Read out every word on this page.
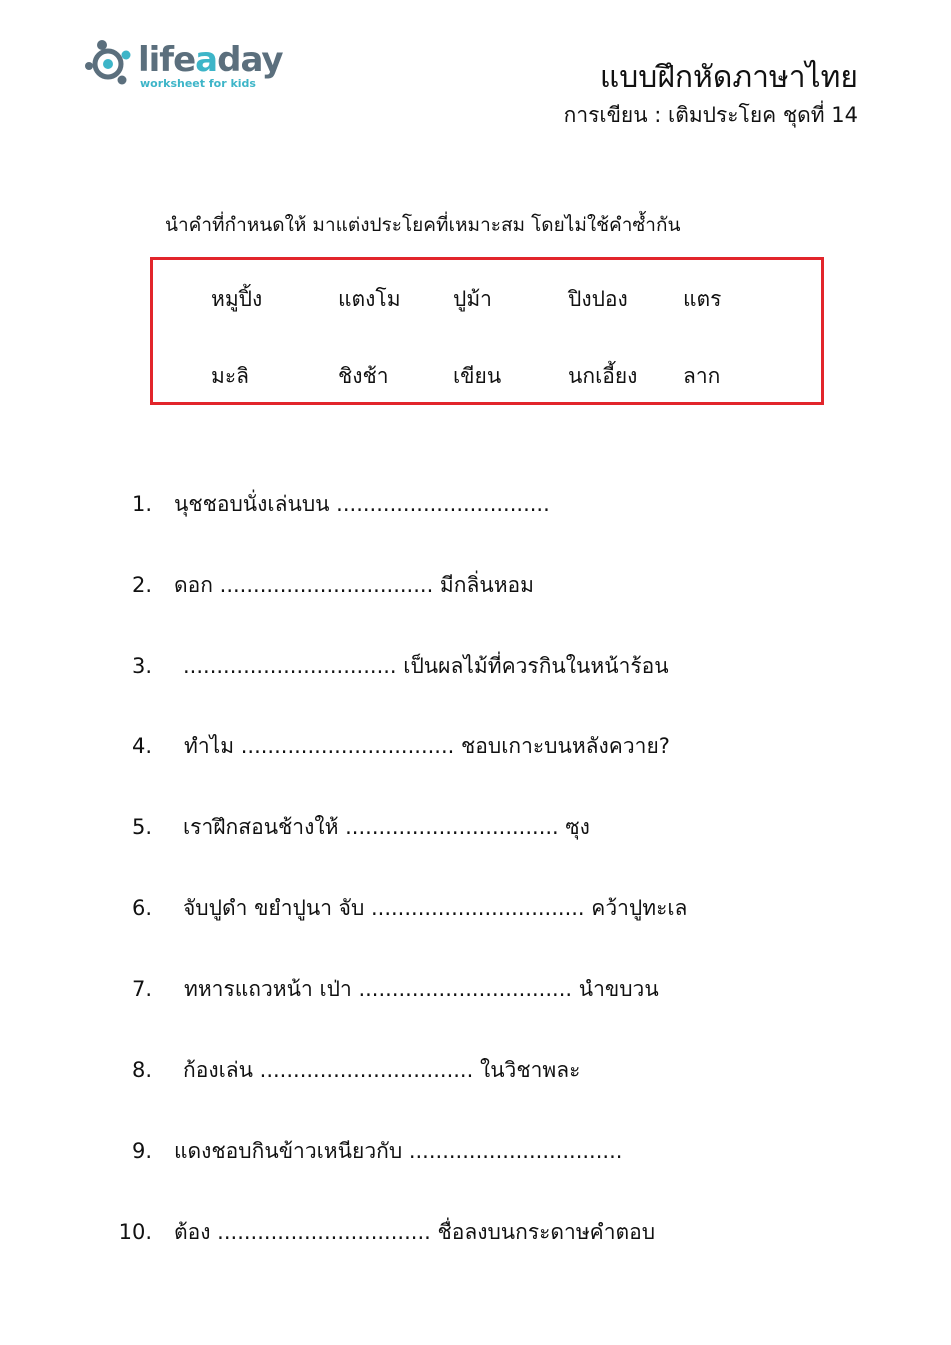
lifeaday
worksheet for kids	แบบฝึกหัดภาษาไทย
การเขียน : เติมประโยค ชุดที่ 14
นำคำที่กำหนดให้ มาแต่งประโยคที่เหมาะสม โดยไม่ใช้คำซ้ำกัน
หมูปิ้ง	แตงโม ปูม้า	ปิงปอง	แตร
มะลิ	ชิงช้า	เขียน	นกเอี้ยง ลาก
1. นุชชอบนั่งเล่นบน ................................
2. ดอก ................................ มีกลิ่นหอม
3. ................................ เป็นผลไม้ที่ควรกินในหน้าร้อน
4. ทำไม ................................ ชอบเกาะบนหลังควาย?
5. เราฝึกสอนช้างให้ ................................ ซุง
6. จับปูดำ ขยำปูนา จับ ................................ คว้าปูทะเล
7. ทหารแถวหน้า เป่า ................................ นำขบวน
8. ก้องเล่น ................................ ในวิชาพละ
9. แดงชอบกินข้าวเหนียวกับ ................................
10. ต้อง ................................ ชื่อลงบนกระดาษคำตอบ
